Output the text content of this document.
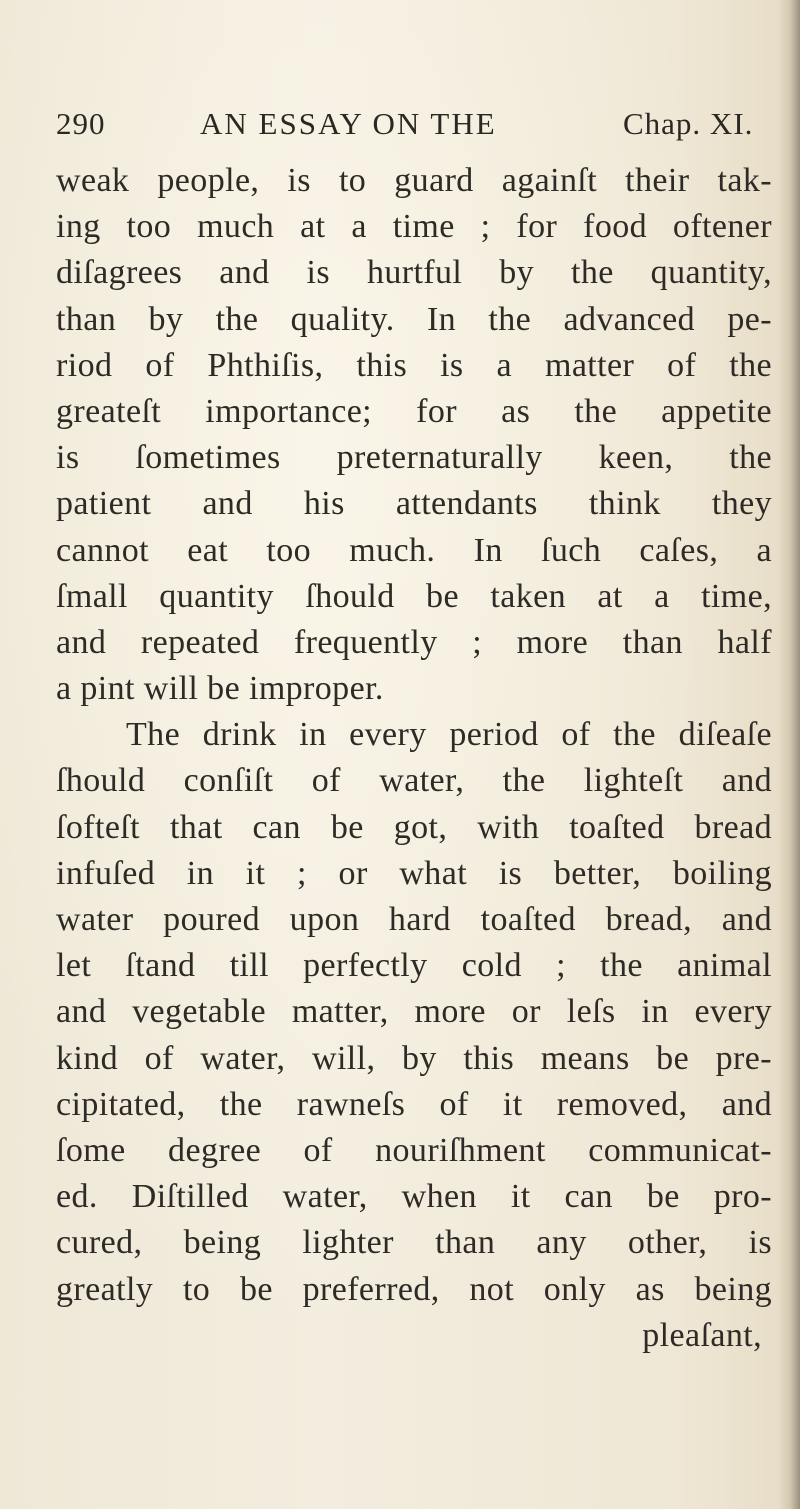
290	AN ESSAY ON THE	Chap. XI.
weak people, is to guard againſt their tak-
ing too much at a time ; for food oftener
diſagrees and is hurtful by the quantity,
than by the quality. In the advanced pe-
riod of Phthiſis, this is a matter of the
greateſt importance; for as the appetite
is ſometimes preternaturally keen, the
patient and his attendants think they
cannot eat too much. In ſuch caſes, a
ſmall quantity ſhould be taken at a time,
and repeated frequently ; more than half
a pint will be improper.
The drink in every period of the diſeaſe
ſhould conſiſt of water, the lighteſt and
ſofteſt that can be got, with toaſted bread
infuſed in it ; or what is better, boiling
water poured upon hard toaſted bread, and
let ſtand till perfectly cold ; the animal
and vegetable matter, more or leſs in every
kind of water, will, by this means be pre-
cipitated, the rawneſs of it removed, and
ſome degree of nouriſhment communicat-
ed. Diſtilled water, when it can be pro-
cured, being lighter than any other, is
greatly to be preferred, not only as being
pleaſant,
